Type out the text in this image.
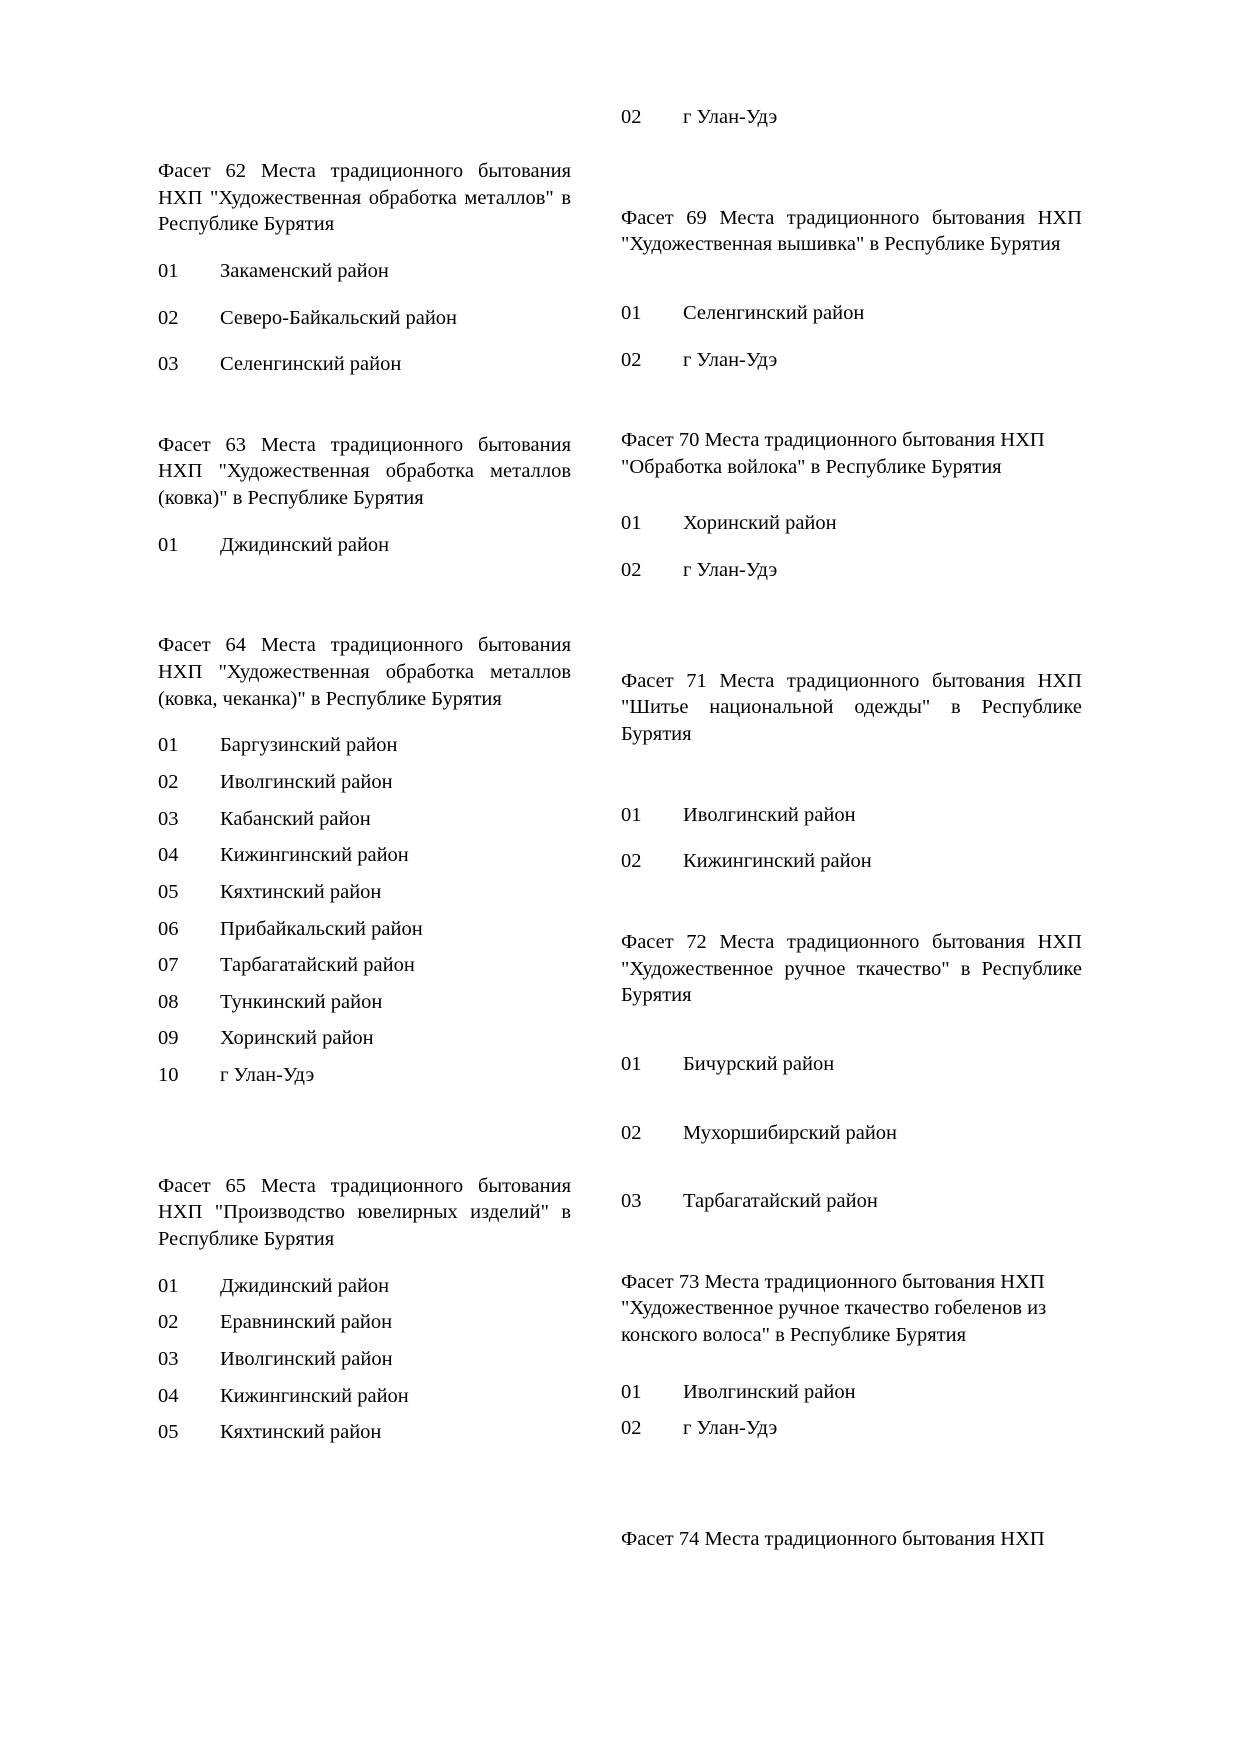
Фасет 62 Места традиционного бытования НХП "Художественная обработка металлов" в Республике Бурятия

01	Закаменский район
02	Северо-Байкальский район
03	Селенгинский район

Фасет 63 Места традиционного бытования НХП "Художественная обработка металлов (ковка)" в Республике Бурятия

01	Джидинский район

Фасет 64 Места традиционного бытования НХП "Художественная обработка металлов (ковка, чеканка)" в Республике Бурятия

01	Баргузинский район
02	Иволгинский район
03	Кабанский район
04	Кижингинский район
05	Кяхтинский район
06	Прибайкальский район
07	Тарбагатайский район
08	Тункинский район
09	Хоринский район
10	г Улан-Удэ

Фасет 65 Места традиционного бытования НХП "Производство ювелирных изделий" в Республике Бурятия

01	Джидинский район
02	Еравнинский район
03	Иволгинский район
04	Кижингинский район
05	Кяхтинский район
02	г Улан-Удэ

Фасет 69 Места традиционного бытования НХП "Художественная вышивка" в Республике Бурятия

01	Селенгинский район
02	г Улан-Удэ

Фасет 70 Места традиционного бытования НХП "Обработка войлока" в Республике Бурятия

01	Хоринский район
02	г Улан-Удэ

Фасет 71 Места традиционного бытования НХП "Шитье национальной одежды" в Республике Бурятия

01	Иволгинский район
02	Кижингинский район

Фасет 72 Места традиционного бытования НХП "Художественное ручное ткачество" в Республике Бурятия

01	Бичурский район
02	Мухоршибирский район
03	Тарбагатайский район

Фасет 73 Места традиционного бытования НХП "Художественное ручное ткачество гобеленов из конского волоса" в Республике Бурятия

01	Иволгинский район
02	г Улан-Удэ

Фасет 74 Места традиционного бытования НХП
